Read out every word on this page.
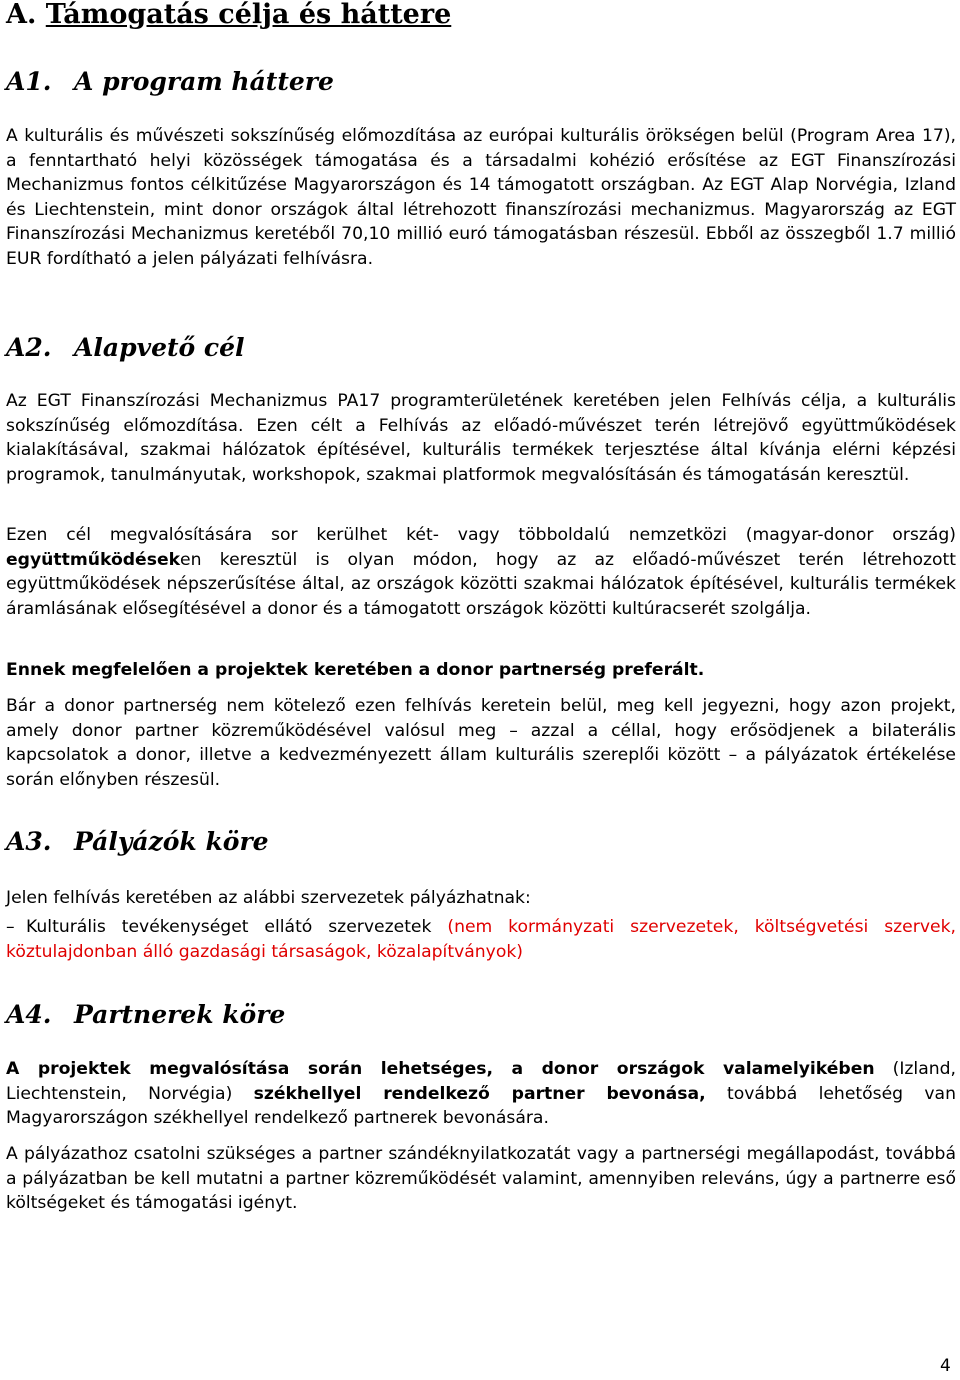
A. Támogatás célja és háttere
A1. A program háttere

A kulturális és művészeti sokszínűség előmozdítása az európai kulturális örökségen belül (Program Area 17), a fenntartható helyi közösségek támogatása és a társadalmi kohézió erősítése az EGT Finanszírozási Mechanizmus fontos célkitűzése Magyarországon és 14 támogatott országban. Az EGT Alap Norvégia, Izland és Liechtenstein, mint donor országok által létrehozott finanszírozási mechanizmus. Magyarország az EGT Finanszírozási Mechanizmus keretéből 70,10 millió euró támogatásban részesül. Ebből az összegből 1.7 millió EUR fordítható a jelen pályázati felhívásra.

A2. Alapvető cél

Az EGT Finanszírozási Mechanizmus PA17 programterületének keretében jelen Felhívás célja, a kulturális sokszínűség előmozdítása. Ezen célt a Felhívás az előadó-művészet terén létrejövő együttműködések kialakításával, szakmai hálózatok építésével, kulturális termékek terjesztése által kívánja elérni képzési programok, tanulmányutak, workshopok, szakmai platformok megvalósításán és támogatásán keresztül.

Ezen cél megvalósítására sor kerülhet két- vagy többoldalú nemzetközi (magyar-donor ország) együttműködéseken keresztül is olyan módon, hogy az az előadó-művészet terén létrehozott együttműködések népszerűsítése által, az országok közötti szakmai hálózatok építésével, kulturális termékek áramlásának elősegítésével a donor és a támogatott országok közötti kultúracserét szolgálja.

Ennek megfelelően a projektek keretében a donor partnerség preferált.

Bár a donor partnerség nem kötelező ezen felhívás keretein belül, meg kell jegyezni, hogy azon projekt, amely donor partner közreműködésével valósul meg – azzal a céllal, hogy erősödjenek a bilaterális kapcsolatok a donor, illetve a kedvezményezett állam kulturális szereplői között – a pályázatok értékelése során előnyben részesül.

A3. Pályázók köre

Jelen felhívás keretében az alábbi szervezetek pályázhatnak:

– Kulturális tevékenységet ellátó szervezetek (nem kormányzati szervezetek, költségvetési szervek, köztulajdonban álló gazdasági társaságok, közalapítványok)

A4. Partnerek köre

A projektek megvalósítása során lehetséges, a donor országok valamelyikében (Izland, Liechtenstein, Norvégia) székhellyel rendelkező partner bevonása, továbbá lehetőség van Magyarországon székhellyel rendelkező partnerek bevonására.

A pályázathoz csatolni szükséges a partner szándéknyilatkozatát vagy a partnerségi megállapodást, továbbá a pályázatban be kell mutatni a partner közreműködését valamint, amennyiben releváns, úgy a partnerre eső költségeket és támogatási igényt.

4
